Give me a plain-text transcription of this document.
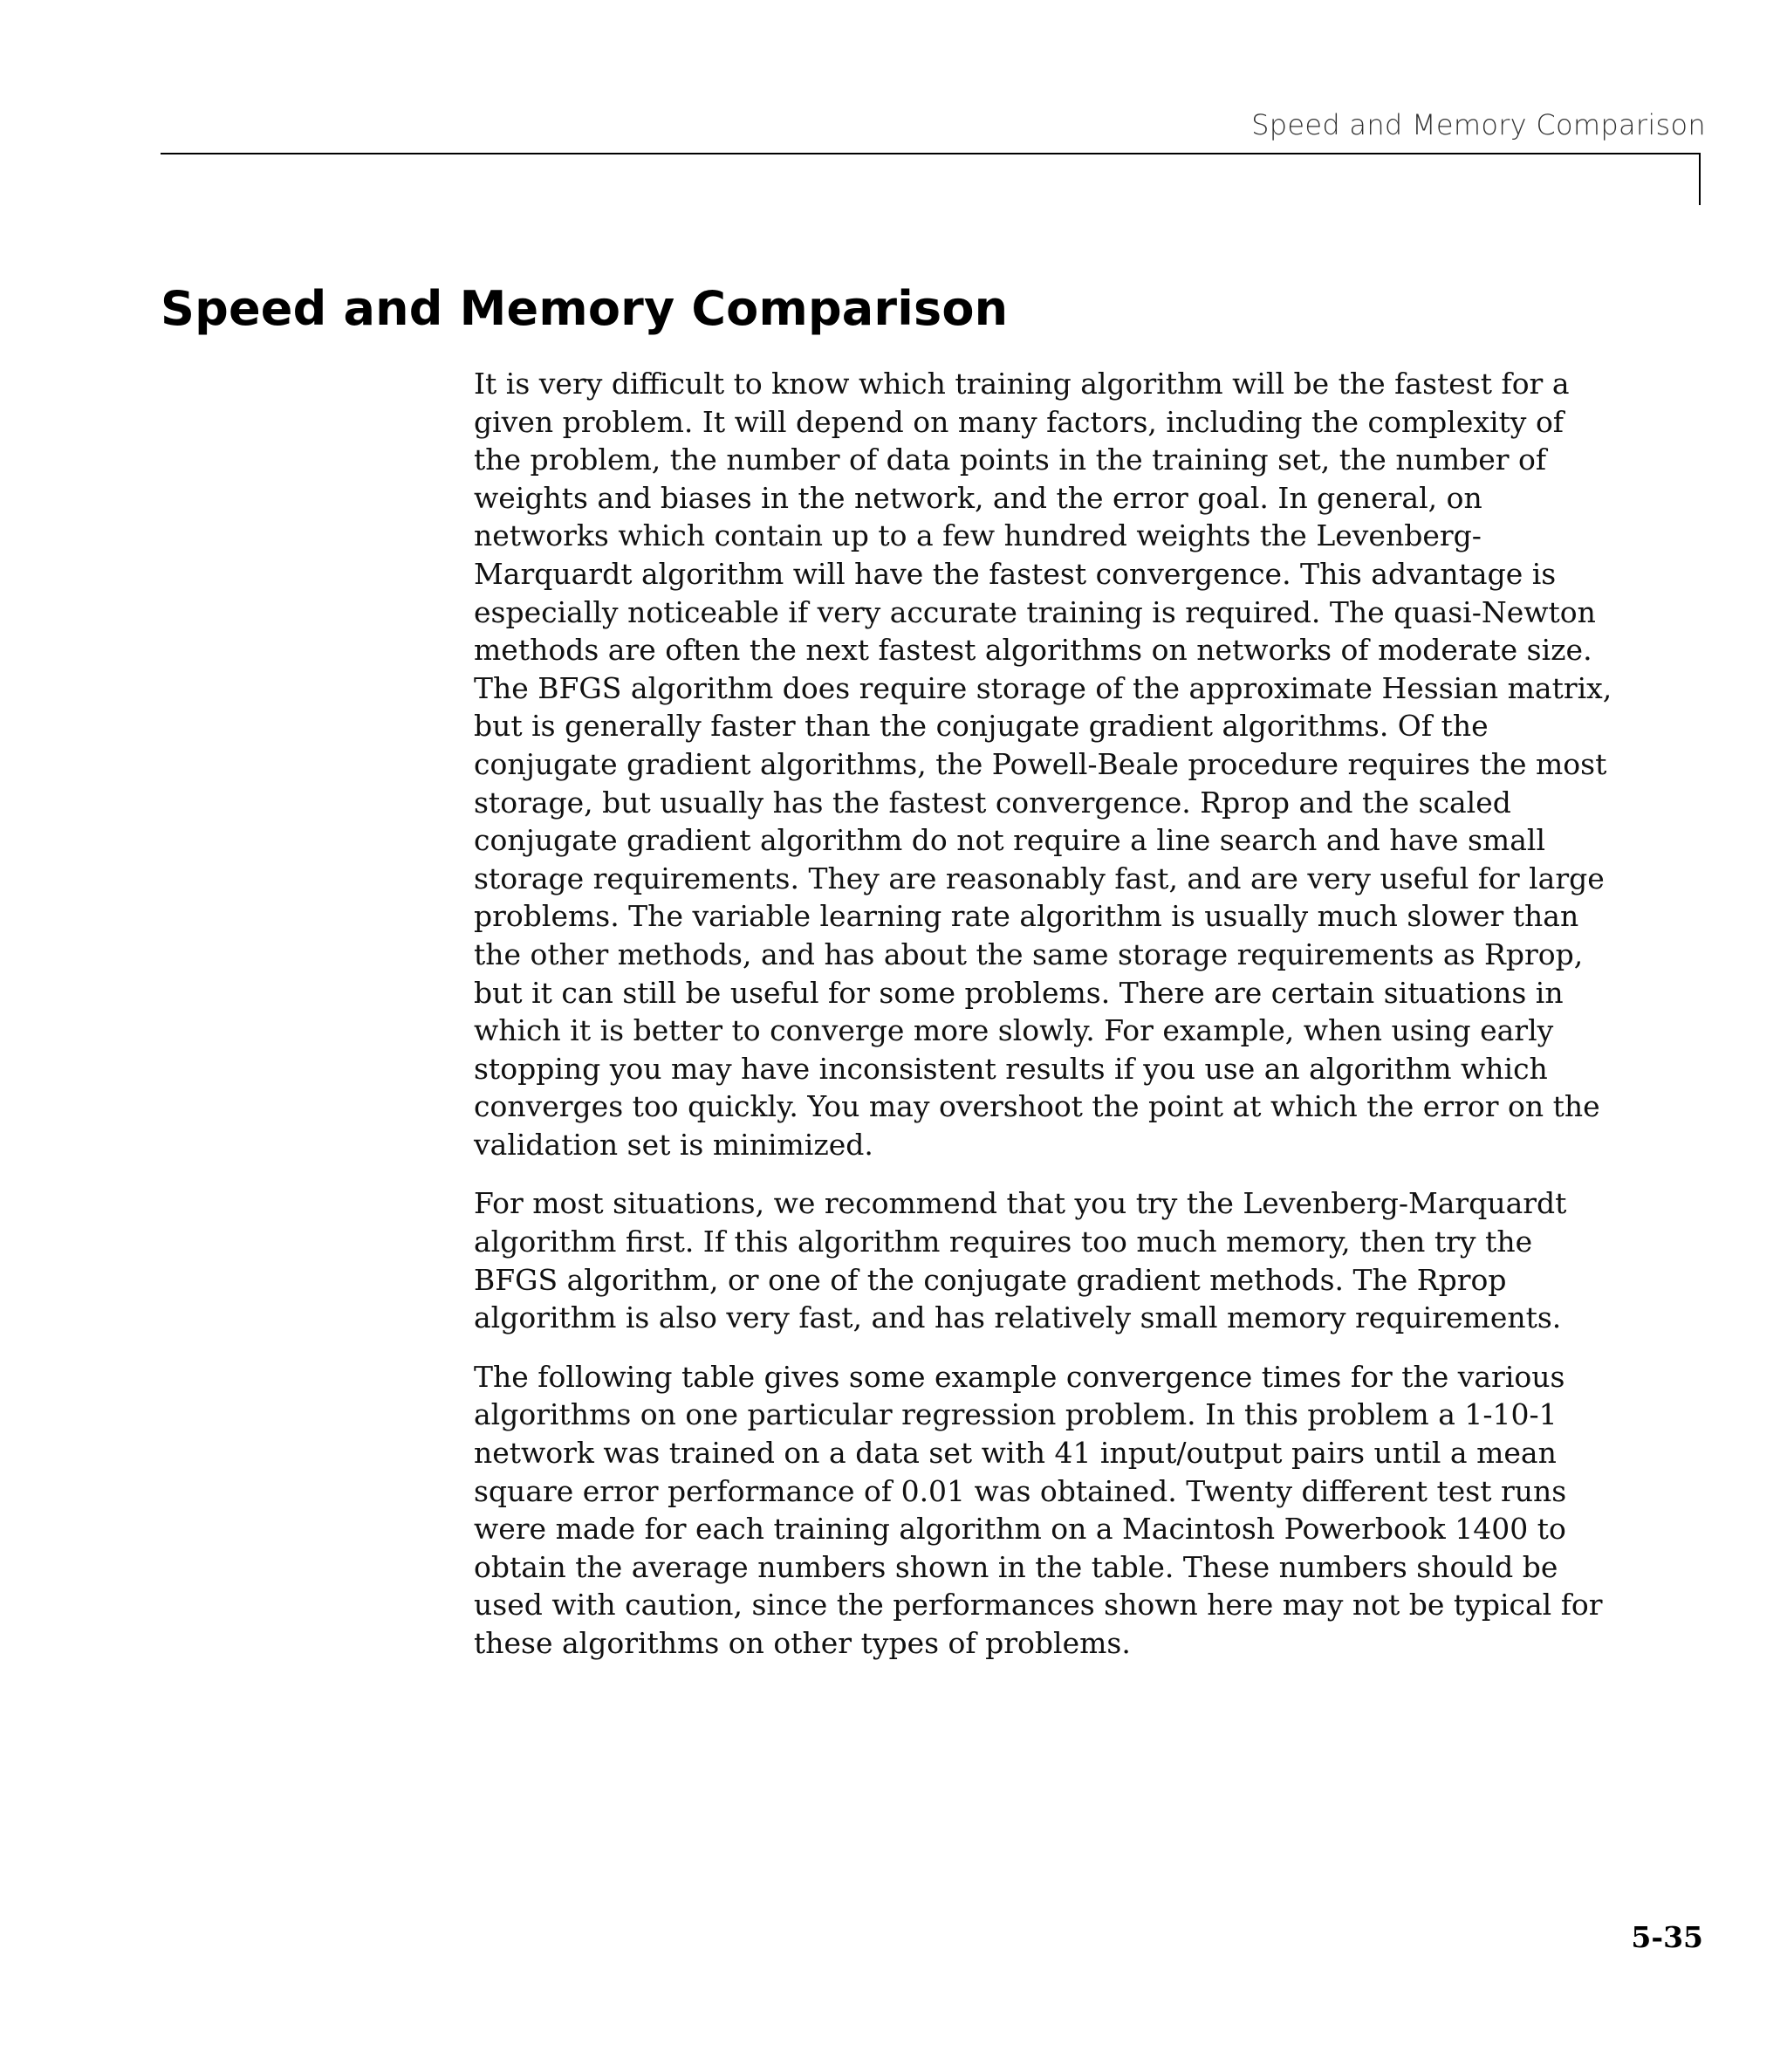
Speed and Memory Comparison
Speed and Memory Comparison

It is very difficult to know which training algorithm will be the fastest for a given problem. It will depend on many factors, including the complexity of the problem, the number of data points in the training set, the number of weights and biases in the network, and the error goal. In general, on networks which contain up to a few hundred weights the Levenberg-Marquardt algorithm will have the fastest convergence. This advantage is especially noticeable if very accurate training is required. The quasi-Newton methods are often the next fastest algorithms on networks of moderate size. The BFGS algorithm does require storage of the approximate Hessian matrix, but is generally faster than the conjugate gradient algorithms. Of the conjugate gradient algorithms, the Powell-Beale procedure requires the most storage, but usually has the fastest convergence. Rprop and the scaled conjugate gradient algorithm do not require a line search and have small storage requirements. They are reasonably fast, and are very useful for large problems. The variable learning rate algorithm is usually much slower than the other methods, and has about the same storage requirements as Rprop, but it can still be useful for some problems. There are certain situations in which it is better to converge more slowly. For example, when using early stopping you may have inconsistent results if you use an algorithm which converges too quickly. You may overshoot the point at which the error on the validation set is minimized.

For most situations, we recommend that you try the Levenberg-Marquardt algorithm first. If this algorithm requires too much memory, then try the BFGS algorithm, or one of the conjugate gradient methods. The Rprop algorithm is also very fast, and has relatively small memory requirements.

The following table gives some example convergence times for the various algorithms on one particular regression problem. In this problem a 1-10-1 network was trained on a data set with 41 input/output pairs until a mean square error performance of 0.01 was obtained. Twenty different test runs were made for each training algorithm on a Macintosh Powerbook 1400 to obtain the average numbers shown in the table. These numbers should be used with caution, since the performances shown here may not be typical for these algorithms on other types of problems.

5-35
